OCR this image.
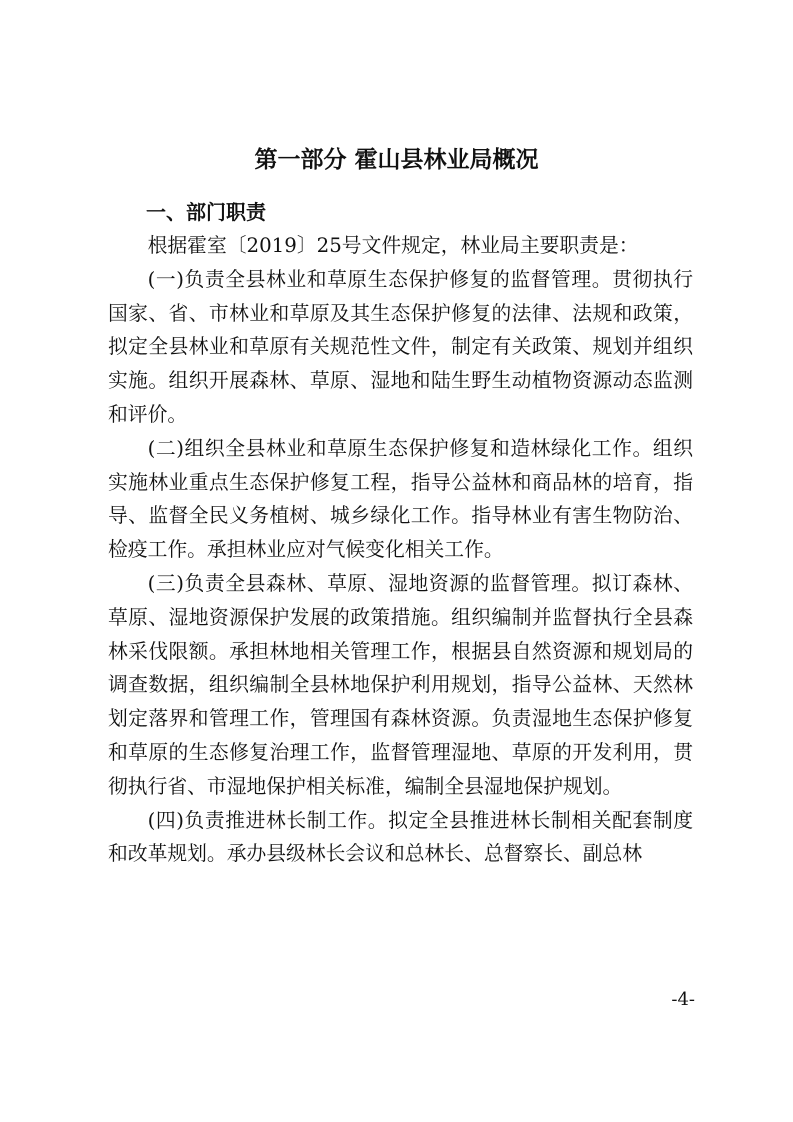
第一部分 霍山县林业局概况
一、部门职责

根据霍室〔2019〕25号文件规定，林业局主要职责是：

(一)负责全县林业和草原生态保护修复的监督管理。贯彻执行国家、省、市林业和草原及其生态保护修复的法律、法规和政策，拟定全县林业和草原有关规范性文件，制定有关政策、规划并组织实施。组织开展森林、草原、湿地和陆生野生动植物资源动态监测和评价。

(二)组织全县林业和草原生态保护修复和造林绿化工作。组织实施林业重点生态保护修复工程，指导公益林和商品林的培育，指导、监督全民义务植树、城乡绿化工作。指导林业有害生物防治、检疫工作。承担林业应对气候变化相关工作。

(三)负责全县森林、草原、湿地资源的监督管理。拟订森林、草原、湿地资源保护发展的政策措施。组织编制并监督执行全县森林采伐限额。承担林地相关管理工作，根据县自然资源和规划局的调查数据，组织编制全县林地保护利用规划，指导公益林、天然林划定落界和管理工作，管理国有森林资源。负责湿地生态保护修复和草原的生态修复治理工作，监督管理湿地、草原的开发利用，贯彻执行省、市湿地保护相关标准，编制全县湿地保护规划。

(四)负责推进林长制工作。拟定全县推进林长制相关配套制度和改革规划。承办县级林长会议和总林长、总督察长、副总林

-4-
